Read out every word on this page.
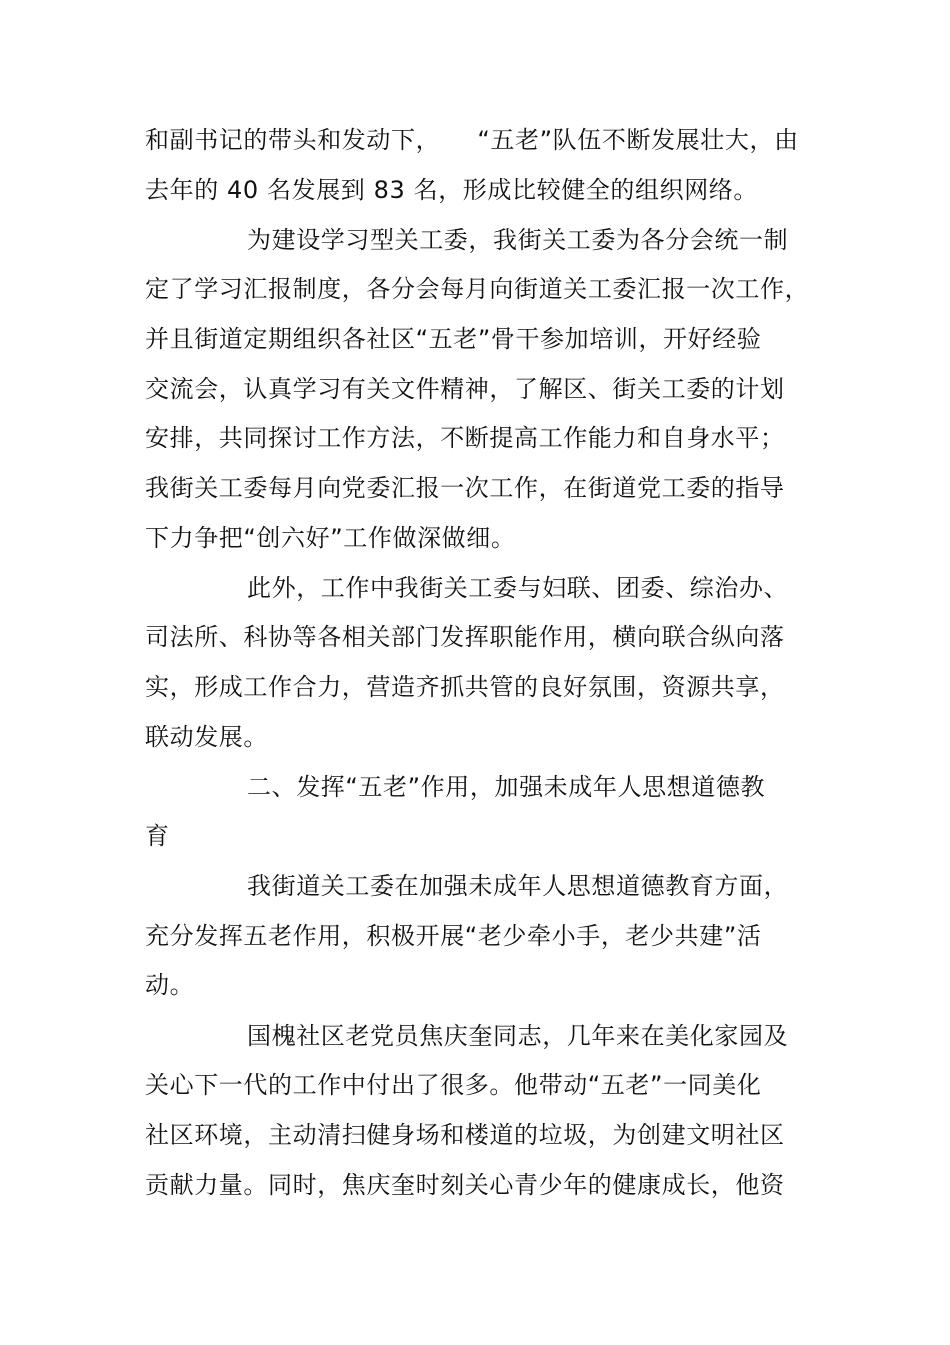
和副书记的带头和发动下，　　“五老”队伍不断发展壮大，由
去年的 40 名发展到 83 名，形成比较健全的组织网络。
为建设学习型关工委，我街关工委为各分会统一制
定了学习汇报制度，各分会每月向街道关工委汇报一次工作，
并且街道定期组织各社区“五老”骨干参加培训，开好经验
交流会，认真学习有关文件精神，了解区、街关工委的计划
安排，共同探讨工作方法，不断提高工作能力和自身水平；
我街关工委每月向党委汇报一次工作，在街道党工委的指导
下力争把“创六好”工作做深做细。
此外，工作中我街关工委与妇联、团委、综治办、
司法所、科协等各相关部门发挥职能作用，横向联合纵向落
实，形成工作合力，营造齐抓共管的良好氛围，资源共享，
联动发展。
二、发挥“五老”作用，加强未成年人思想道德教
育
我街道关工委在加强未成年人思想道德教育方面，
充分发挥五老作用，积极开展“老少牵小手，老少共建”活
动。
国槐社区老党员焦庆奎同志，几年来在美化家园及
关心下一代的工作中付出了很多。他带动“五老”一同美化
社区环境，主动清扫健身场和楼道的垃圾，为创建文明社区
贡献力量。同时，焦庆奎时刻关心青少年的健康成长，他资
